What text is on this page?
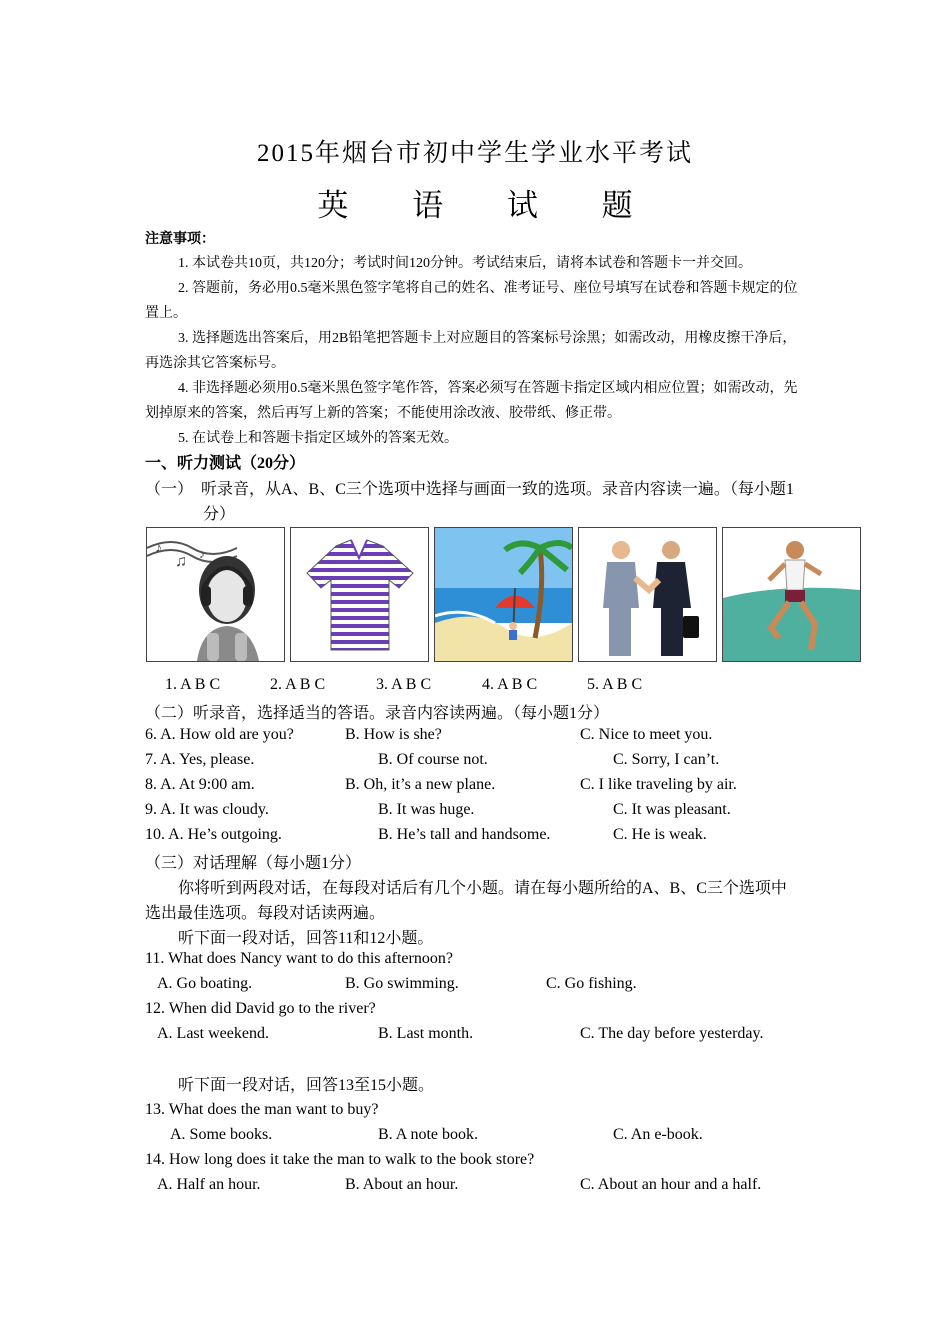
2015年烟台市初中学生学业水平考试
英 语 试 题
注意事项：
1. 本试卷共10页，共120分；考试时间120分钟。考试结束后，请将本试卷和答题卡一并交回。
2. 答题前，务必用0.5毫米黑色签字笔将自己的姓名、准考证号、座位号填写在试卷和答题卡规定的位
置上。
3. 选择题选出答案后，用2B铅笔把答题卡上对应题目的答案标号涂黑；如需改动，用橡皮擦干净后，
再选涂其它答案标号。
4. 非选择题必须用0.5毫米黑色签字笔作答，答案必须写在答题卡指定区域内相应位置；如需改动，先
划掉原来的答案，然后再写上新的答案；不能使用涂改液、胶带纸、修正带。
5. 在试卷上和答题卡指定区域外的答案无效。
一、听力测试（20分）
（一）　听录音，从A、B、C三个选项中选择与画面一致的选项。录音内容读一遍。（每小题1
分）
♪
♫ ♪
1. A B C	2. A B C	3. A B C	4. A B C	5. A B C
（二）听录音，选择适当的答语。录音内容读两遍。（每小题1分）
6. A. How old are you?	B. How is she?	C. Nice to meet you.
7. A. Yes, please.	B. Of course not.	C. Sorry, I can’t.
8. A. At 9:00 am.	B. Oh, it’s a new plane.	C. I like traveling by air.
9. A. It was cloudy.	B. It was huge.	C. It was pleasant.
10. A. He’s outgoing.	B. He’s tall and handsome.	C. He is weak.
（三）对话理解（每小题1分）
你将听到两段对话，在每段对话后有几个小题。请在每小题所给的A、B、C三个选项中
选出最佳选项。每段对话读两遍。
听下面一段对话，回答11和12小题。
11. What does Nancy want to do this afternoon?
A. Go boating.	B. Go swimming.	C. Go fishing.
12. When did David go to the river?
A. Last weekend.	B. Last month.	C. The day before yesterday.
听下面一段对话，回答13至15小题。
13. What does the man want to buy?
A. Some books.	B. A note book.	C. An e-book.
14. How long does it take the man to walk to the book store?
A. Half an hour.	B. About an hour.	C. About an hour and a half.
